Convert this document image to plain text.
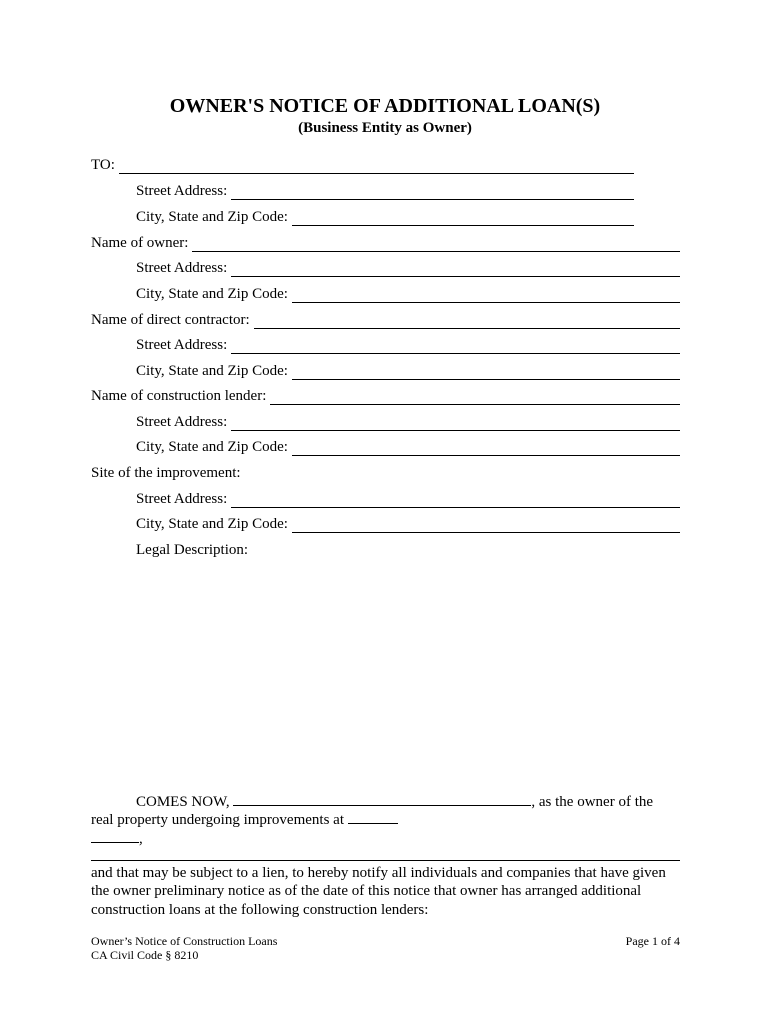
OWNER'S NOTICE OF ADDITIONAL LOAN(S)
(Business Entity as Owner)
TO:
Street Address:
City, State and Zip Code:
Name of owner:
Street Address:
City, State and Zip Code:
Name of direct contractor:
Street Address:
City, State and Zip Code:
Name of construction lender:
Street Address:
City, State and Zip Code:
Site of the improvement:
Street Address:
City, State and Zip Code:
Legal Description:
COMES NOW,	, as the owner of the
real property undergoing improvements at
,
and that may be subject to a lien, to hereby notify all individuals and companies that have given
the owner preliminary notice as of the date of this notice that owner has arranged additional
construction loans at the following construction lenders:
Owner’s Notice of Construction Loans
CA Civil Code § 8210
Page 1 of 4
